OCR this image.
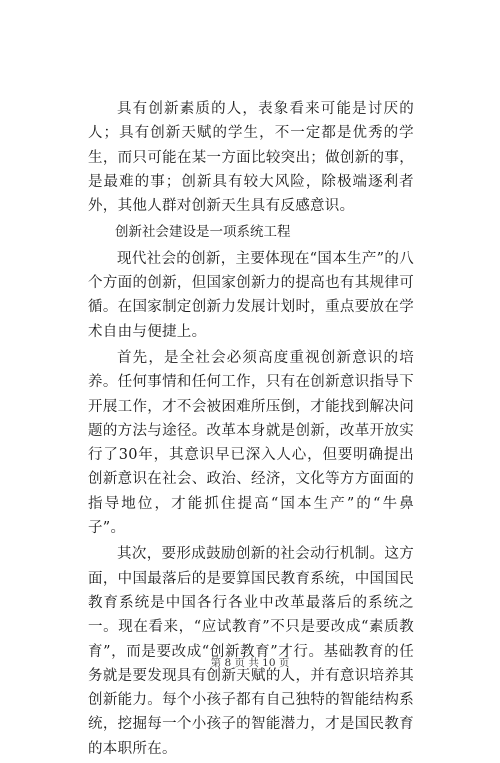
具有创新素质的人，表象看来可能是讨厌的人；具有创新天赋的学生，不一定都是优秀的学生，而只可能在某一方面比较突出；做创新的事，是最难的事；创新具有较大风险，除极端逐利者外，其他人群对创新天生具有反感意识。

创新社会建设是一项系统工程

现代社会的创新，主要体现在“国本生产”的八个方面的创新，但国家创新力的提高也有其规律可循。在国家制定创新力发展计划时，重点要放在学术自由与便捷上。

首先，是全社会必须高度重视创新意识的培养。任何事情和任何工作，只有在创新意识指导下开展工作，才不会被困难所压倒，才能找到解决问题的方法与途径。改革本身就是创新，改革开放实行了30年，其意识早已深入人心，但要明确提出创新意识在社会、政治、经济，文化等方方面面的指导地位，才能抓住提高“国本生产”的“牛鼻子”。

其次，要形成鼓励创新的社会动行机制。这方面，中国最落后的是要算国民教育系统，中国国民教育系统是中国各行各业中改革最落后的系统之一。现在看来，“应试教育”不只是要改成“素质教育”，而是要改成“创新教育”才行。基础教育的任务就是要发现具有创新天赋的人，并有意识培养其创新能力。每个小孩子都有自己独特的智能结构系统，挖掘每一个小孩子的智能潜力，才是国民教育的本职所在。

第 8 页 共 10 页
